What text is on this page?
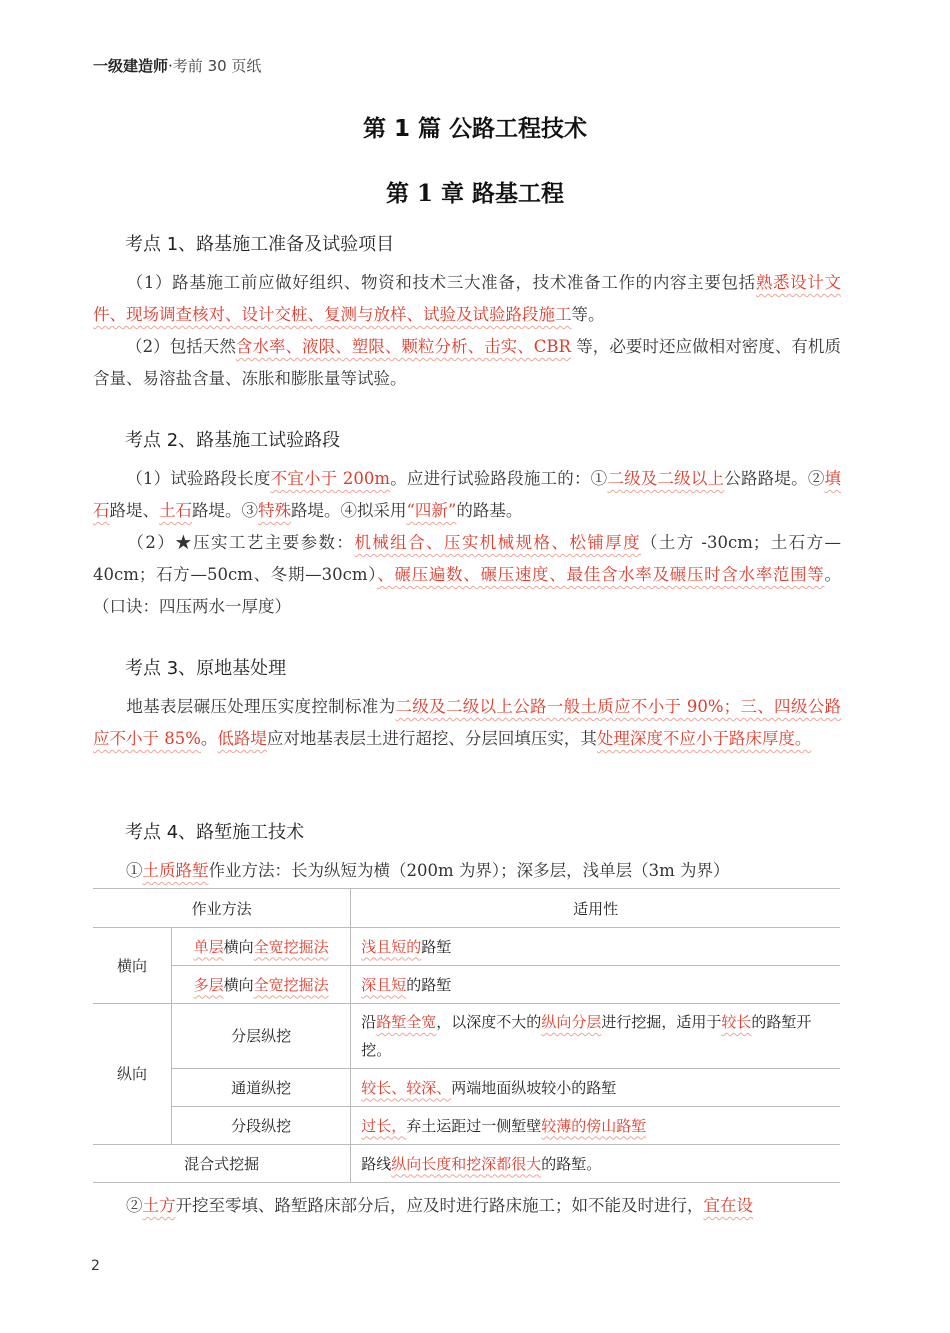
一级建造师·考前 30 页纸
第 1 篇 公路工程技术
第 1 章 路基工程
考点 1、路基施工准备及试验项目
（1）路基施工前应做好组织、物资和技术三大准备，技术准备工作的内容主要包括熟悉设计文件、现场调查核对、设计交桩、复测与放样、试验及试验路段施工等。
（2）包括天然含水率、液限、塑限、颗粒分析、击实、CBR 等，必要时还应做相对密度、有机质含量、易溶盐含量、冻胀和膨胀量等试验。
考点 2、路基施工试验路段
（1）试验路段长度不宜小于 200m。应进行试验路段施工的：①二级及二级以上公路路堤。②填石路堤、土石路堤。③特殊路堤。④拟采用“四新”的路基。
（2）★压实工艺主要参数：机械组合、压实机械规格、松铺厚度（土方 -30cm；土石方—40cm；石方—50cm、冬期—30cm）、碾压遍数、碾压速度、最佳含水率及碾压时含水率范围等。（口诀：四压两水一厚度）
考点 3、原地基处理
地基表层碾压处理压实度控制标准为二级及二级以上公路一般土质应不小于 90%；三、四级公路应不小于 85%。低路堤应对地基表层土进行超挖、分层回填压实，其处理深度不应小于路床厚度。
考点 4、路堑施工技术
①土质路堑作业方法：长为纵短为横（200m 为界）；深多层，浅单层（3m 为界）
作业方法		适用性
横向	单层横向全宽挖掘法	浅且短的路堑
	多层横向全宽挖掘法	深且短的路堑
纵向	分层纵挖	沿路堑全宽，以深度不大的纵向分层进行挖掘，适用于较长的路堑开挖。
	通道纵挖	较长、较深、两端地面纵坡较小的路堑
	分段纵挖	过长，弃土运距过一侧堑壁较薄的傍山路堑
混合式挖掘		路线纵向长度和挖深都很大的路堑。
②土方开挖至零填、路堑路床部分后，应及时进行路床施工；如不能及时进行，宜在设
2
